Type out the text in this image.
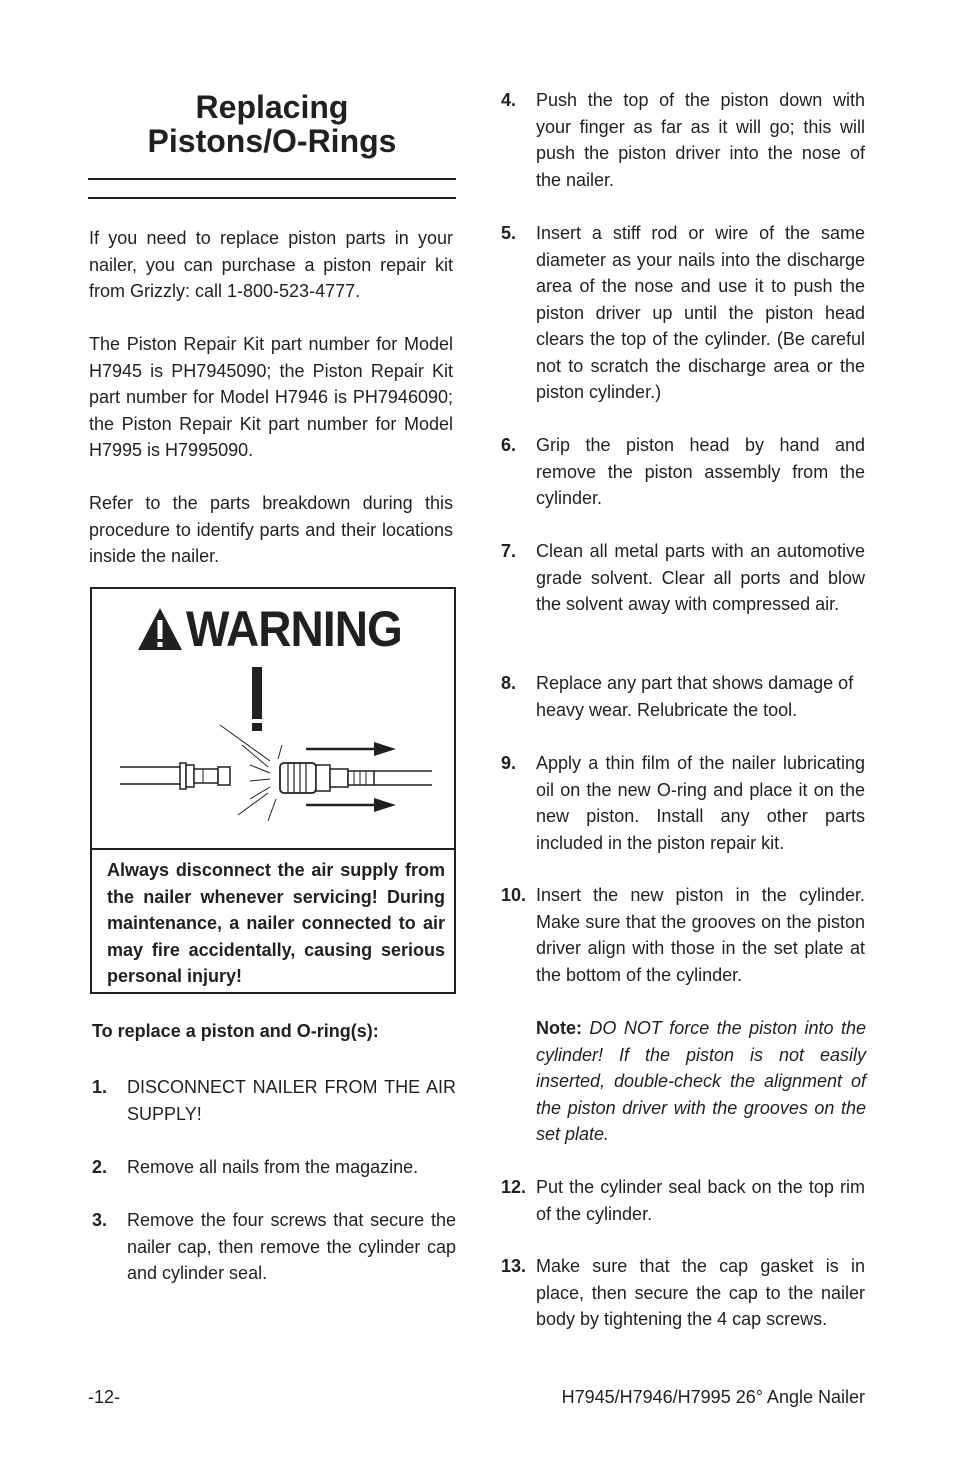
Replacing
Pistons/O-Rings

If you need to replace piston parts in your nailer, you can purchase a piston repair kit from Grizzly: call 1-800-523-4777.

The Piston Repair Kit part number for Model H7945 is PH7945090; the Piston Repair Kit part number for Model H7946 is PH7946090; the Piston Repair Kit part number for Model H7995 is H7995090.

Refer to the parts breakdown during this procedure to identify parts and their locations inside the nailer.

WARNING

Always disconnect the air supply from the nailer whenever servicing! During maintenance, a nailer connected to air may fire accidentally, causing serious personal injury!

To replace a piston and O-ring(s):

1. DISCONNECT NAILER FROM THE AIR SUPPLY!
2. Remove all nails from the magazine.
3. Remove the four screws that secure the nailer cap, then remove the cylinder cap and cylinder seal.
4. Push the top of the piston down with your finger as far as it will go; this will push the piston driver into the nose of the nailer.
5. Insert a stiff rod or wire of the same diameter as your nails into the discharge area of the nose and use it to push the piston driver up until the piston head clears the top of the cylinder. (Be careful not to scratch the discharge area or the piston cylinder.)
6. Grip the piston head by hand and remove the piston assembly from the cylinder.
7. Clean all metal parts with an automotive grade solvent. Clear all ports and blow the solvent away with compressed air.
8. Replace any part that shows damage of heavy wear. Relubricate the tool.
9. Apply a thin film of the nailer lubricating oil on the new O-ring and place it on the new piston. Install any other parts included in the piston repair kit.
10. Insert the new piston in the cylinder. Make sure that the grooves on the piston driver align with those in the set plate at the bottom of the cylinder.

Note: DO NOT force the piston into the cylinder! If the piston is not easily inserted, double-check the alignment of the piston driver with the grooves on the set plate.

12. Put the cylinder seal back on the top rim of the cylinder.
13. Make sure that the cap gasket is in place, then secure the cap to the nailer body by tightening the 4 cap screws.

-12-	H7945/H7946/H7995 26° Angle Nailer
